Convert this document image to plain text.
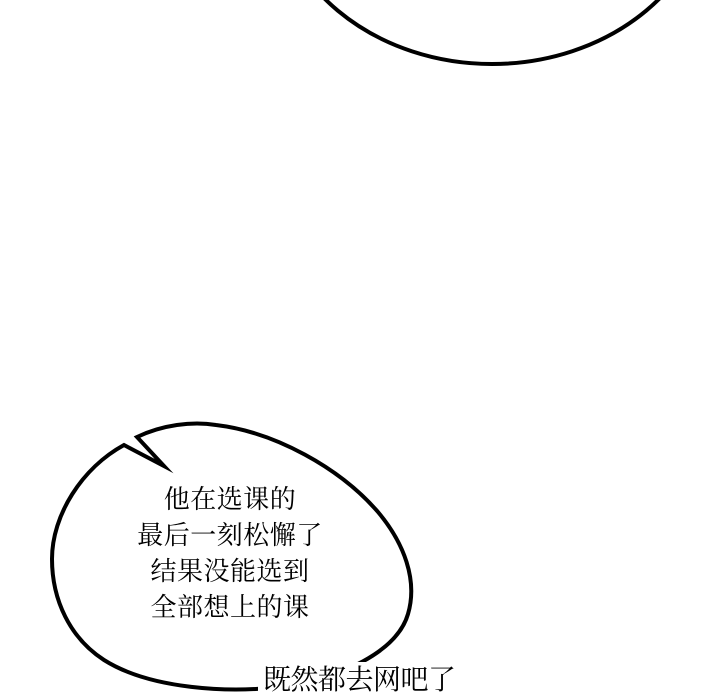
他在选课的
最后一刻松懈了
结果没能选到
全部想上的课
既然都去网吧了
